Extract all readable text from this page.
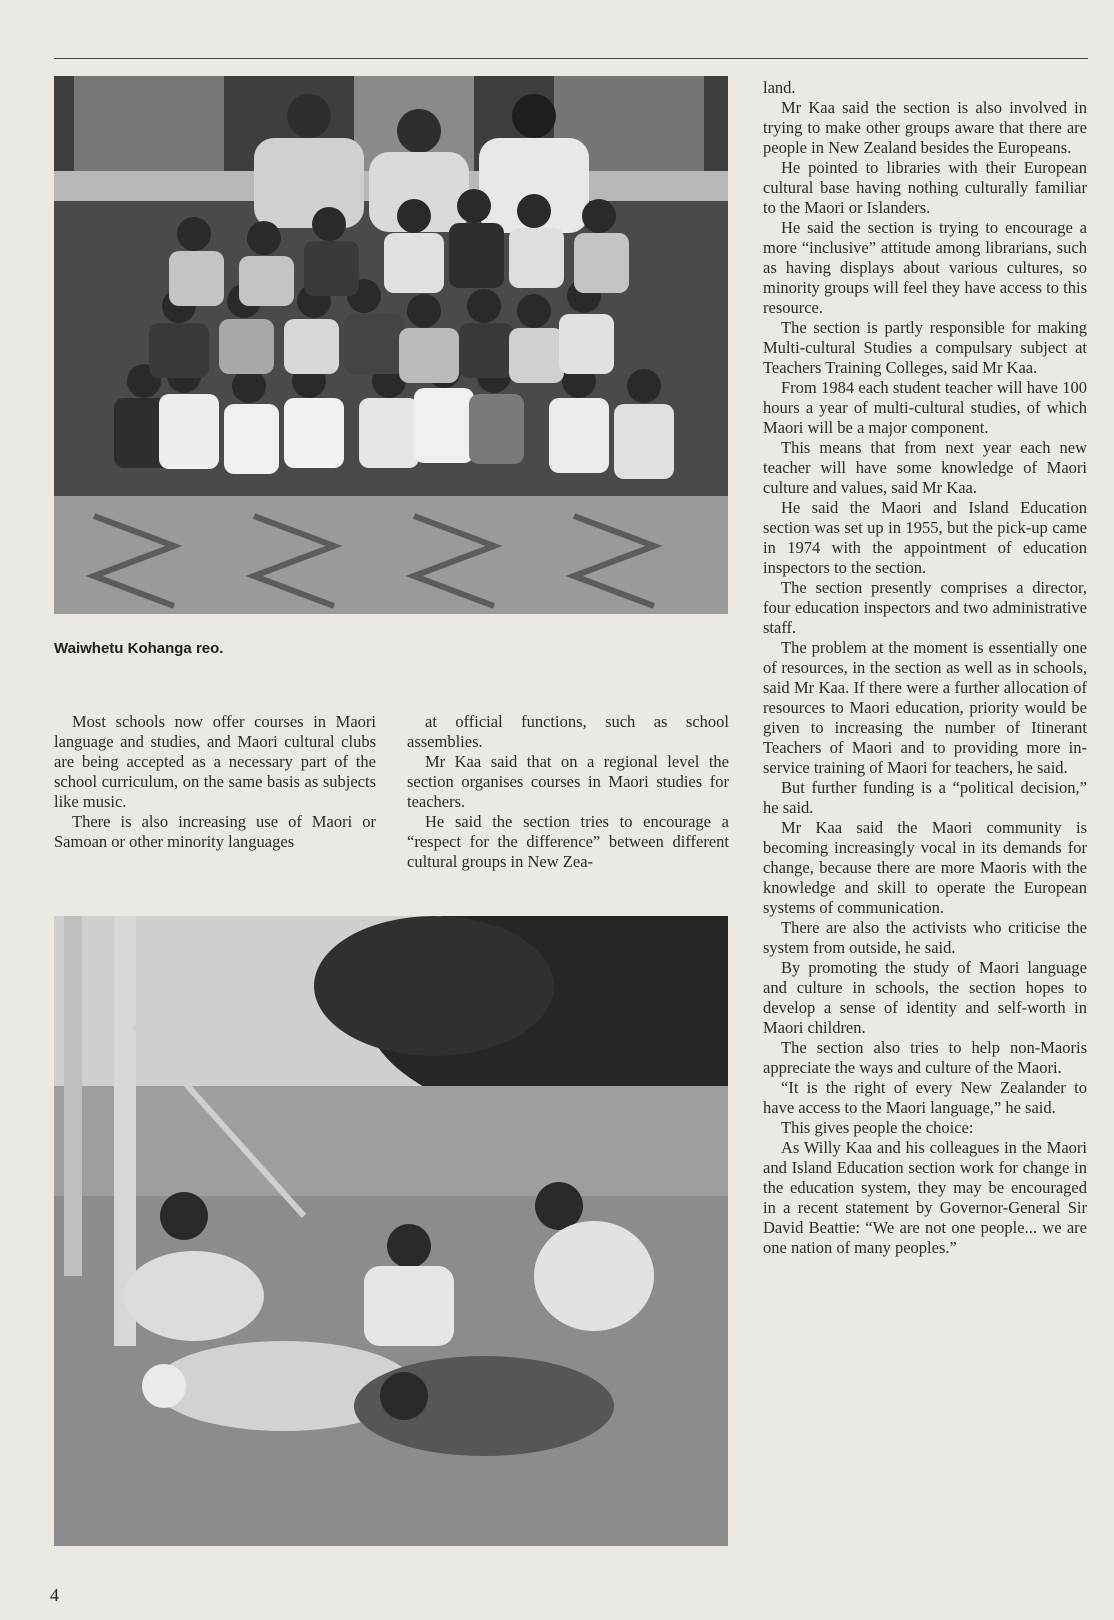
Waiwhetu Kohanga reo.

Most schools now offer courses in Maori language and studies, and Maori cultural clubs are being accepted as a necessary part of the school curriculum, on the same basis as subjects like music.

There is also increasing use of Maori or Samoan or other minority languages

at official functions, such as school assemblies.

Mr Kaa said that on a regional level the section organises courses in Maori studies for teachers.

He said the section tries to encourage a “respect for the difference” between different cultural groups in New Zea-

land.

Mr Kaa said the section is also involved in trying to make other groups aware that there are people in New Zealand besides the Europeans.

He pointed to libraries with their European cultural base having nothing culturally familiar to the Maori or Islanders.

He said the section is trying to encourage a more “inclusive” attitude among librarians, such as having displays about various cultures, so minority groups will feel they have access to this resource.

The section is partly responsible for making Multi-cultural Studies a compulsary subject at Teachers Training Colleges, said Mr Kaa.

From 1984 each student teacher will have 100 hours a year of multi-cultural studies, of which Maori will be a major component.

This means that from next year each new teacher will have some knowledge of Maori culture and values, said Mr Kaa.

He said the Maori and Island Education section was set up in 1955, but the pick-up came in 1974 with the appointment of education inspectors to the section.

The section presently comprises a director, four education inspectors and two administrative staff.

The problem at the moment is essentially one of resources, in the section as well as in schools, said Mr Kaa. If there were a further allocation of resources to Maori education, priority would be given to increasing the number of Itinerant Teachers of Maori and to providing more in-service training of Maori for teachers, he said.

But further funding is a “political decision,” he said.

Mr Kaa said the Maori community is becoming increasingly vocal in its demands for change, because there are more Maoris with the knowledge and skill to operate the European systems of communication.

There are also the activists who criticise the system from outside, he said.

By promoting the study of Maori language and culture in schools, the section hopes to develop a sense of identity and self-worth in Maori children.

The section also tries to help non-Maoris appreciate the ways and culture of the Maori.

“It is the right of every New Zealander to have access to the Maori language,” he said.

This gives people the choice:

As Willy Kaa and his colleagues in the Maori and Island Education section work for change in the education system, they may be encouraged in a recent statement by Governor-General Sir David Beattie: “We are not one people... we are one nation of many peoples.”

4
